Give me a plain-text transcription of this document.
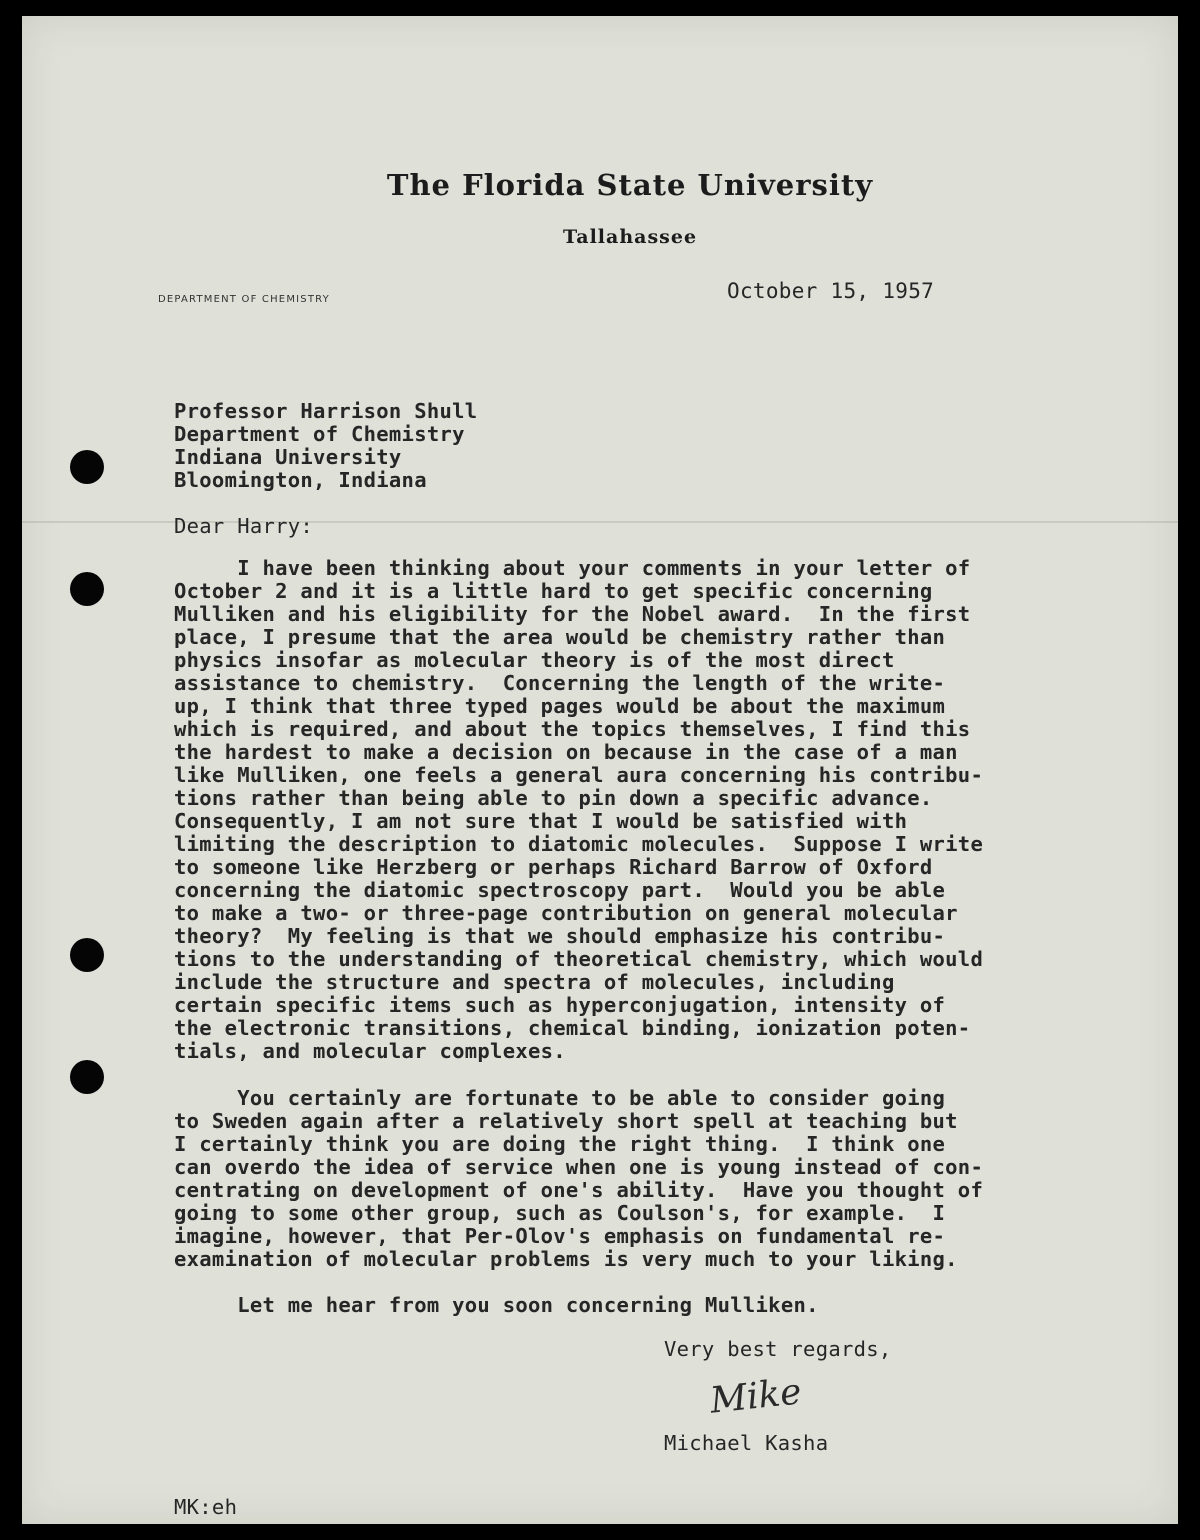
The Florida State University
Tallahassee
DEPARTMENT OF CHEMISTRY	October 15, 1957
Professor Harrison Shull
Department of Chemistry
Indiana University
Bloomington, Indiana
Dear Harry:
I have been thinking about your comments in your letter of
October 2 and it is a little hard to get specific concerning
Mulliken and his eligibility for the Nobel award.  In the first
place, I presume that the area would be chemistry rather than
physics insofar as molecular theory is of the most direct
assistance to chemistry.  Concerning the length of the write-
up, I think that three typed pages would be about the maximum
which is required, and about the topics themselves, I find this
the hardest to make a decision on because in the case of a man
like Mulliken, one feels a general aura concerning his contribu-
tions rather than being able to pin down a specific advance.
Consequently, I am not sure that I would be satisfied with
limiting the description to diatomic molecules.  Suppose I write
to someone like Herzberg or perhaps Richard Barrow of Oxford
concerning the diatomic spectroscopy part.  Would you be able
to make a two- or three-page contribution on general molecular
theory?  My feeling is that we should emphasize his contribu-
tions to the understanding of theoretical chemistry, which would
include the structure and spectra of molecules, including
certain specific items such as hyperconjugation, intensity of
the electronic transitions, chemical binding, ionization poten-
tials, and molecular complexes.
You certainly are fortunate to be able to consider going
to Sweden again after a relatively short spell at teaching but
I certainly think you are doing the right thing.  I think one
can overdo the idea of service when one is young instead of con-
centrating on development of one's ability.  Have you thought of
going to some other group, such as Coulson's, for example.  I
imagine, however, that Per-Olov's emphasis on fundamental re-
examination of molecular problems is very much to your liking.
Let me hear from you soon concerning Mulliken.
Very best regards,
Mike
Michael Kasha
MK:eh
